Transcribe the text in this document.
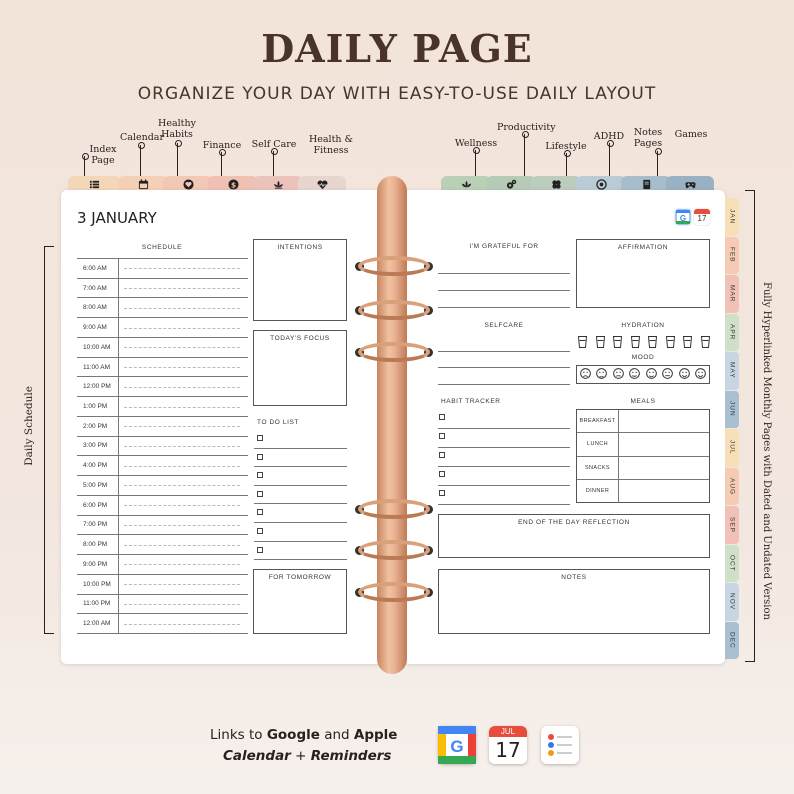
DAILY PAGE
ORGANIZE YOUR DAY WITH EASY-TO-USE DAILY LAYOUT
Index
Page
Calendar
Healthy
Habits
Finance Self Care	Health &
Fitness
Wellness
Productivity
Lifestyle
ADHD Notes
Pages
Games
$
3 JANUARY
SCHEDULE
6:00 AM
7:00 AM
8:00 AM
9:00 AM
10:00 AM
11:00 AM
12:00 PM
1:00 PM
2:00 PM
3:00 PM
4:00 PM
5:00 PM
6:00 PM
7:00 PM
8:00 PM
9:00 PM
10:00 PM
11:00 PM
12:00 AM
INTENTIONS
TODAY'S FOCUS
TO DO LIST
FOR TOMORROW
G	17
I'M GRATEFUL FOR	AFFIRMATION
SELFCARE	HYDRATION
MOOD
HABIT TRACKER	MEALS
BREAKFAST
LUNCH
SNACKS
DINNER
END OF THE DAY REFLECTION
NOTES
JAN
FEB
MAR
APR
MAY
JUN
JUL
AUG
SEP
OCT
NOV
DEC
Daily Schedule	Fully Hyperlinked Monthly Pages with Dated and Undated Version
Links to Google and Apple
Calendar + Reminders	G
JUL
17
